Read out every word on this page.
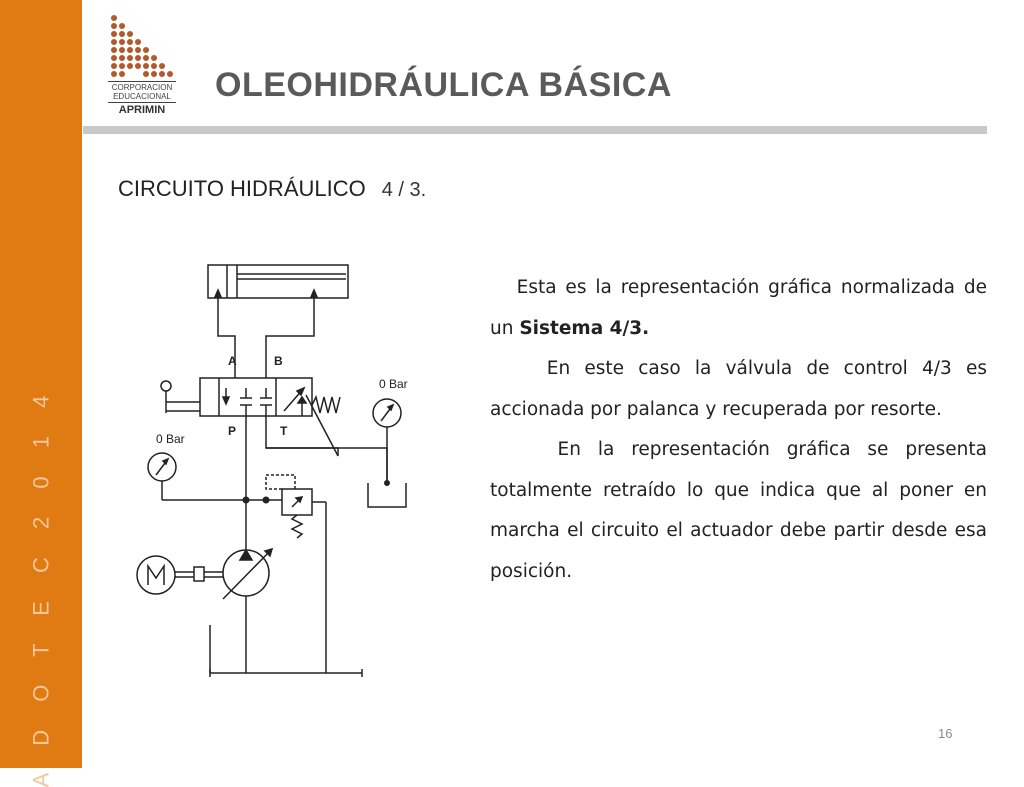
A D O T E C 2 0 1 4
CORPORACION
EDUCACIONAL
APRIMIN
OLEOHIDRÁULICA BÁSICA
CIRCUITO HIDRÁULICO 4 / 3.
A	B
P	T
0 Bar
0 Bar

Esta es la representación gráfica normalizada de un Sistema 4/3.

En este caso la válvula de control 4/3 es accionada por palanca y recuperada por resorte.

En la representación gráfica se presenta totalmente retraído lo que indica que al poner en marcha el circuito el actuador debe partir desde esa posición.

16
